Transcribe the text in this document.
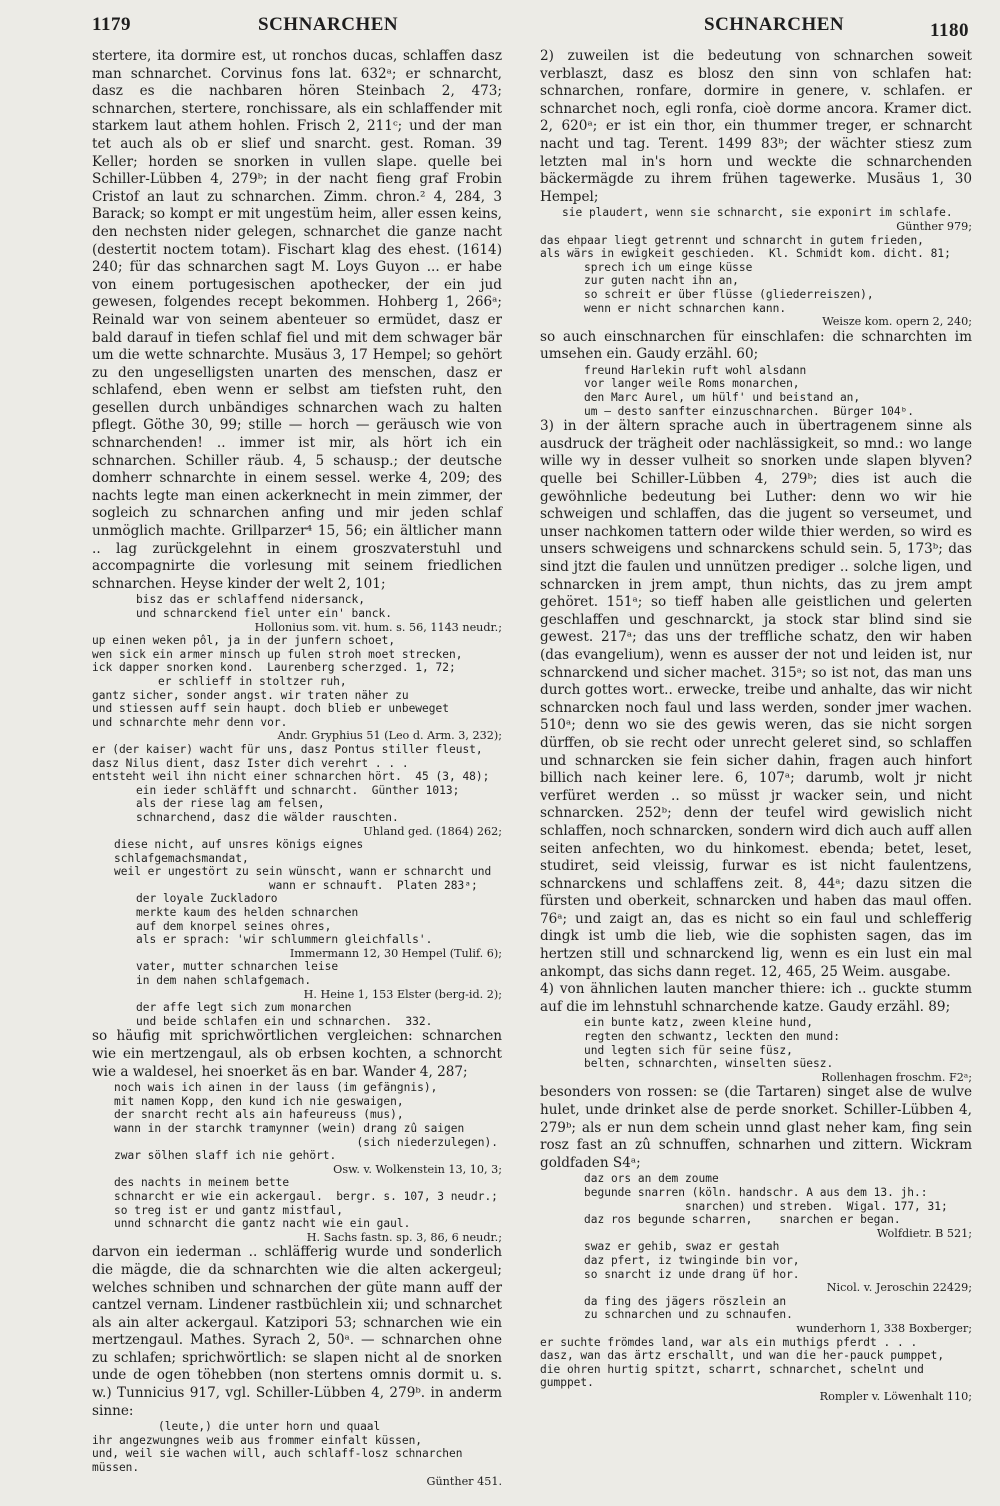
1179	SCHNARCHEN	SCHNARCHEN	1180
stertere, ita dormire est, ut ronchos ducas, schlaffen dasz man schnarchet. Corvinus fons lat. 632ᵃ; er schnarcht, dasz es die nachbaren hören Steinbach 2, 473; schnarchen, stertere, ronchissare, als ein schlaffender mit starkem laut athem hohlen. Frisch 2, 211ᶜ; und der man tet auch als ob er slief und snarcht. gest. Roman. 39 Keller; horden se snorken in vullen slape. quelle bei Schiller-Lübben 4, 279ᵇ; in der nacht fieng graf Frobin Cristof an laut zu schnarchen. Zimm. chron.² 4, 284, 3 Barack; so kompt er mit ungestüm heim, aller essen keins, den nechsten nider gelegen, schnarchet die ganze nacht (destertit noctem totam). Fischart klag des ehest. (1614) 240; für das schnarchen sagt M. Loys Guyon ... er habe von einem portugesischen apothecker, der ein jud gewesen, folgendes recept bekommen. Hohberg 1, 266ᵃ; Reinald war von seinem abenteuer so ermüdet, dasz er bald darauf in tiefen schlaf fiel und mit dem schwager bär um die wette schnarchte. Musäus 3, 17 Hempel; so gehört zu den ungeselligsten unarten des menschen, dasz er schlafend, eben wenn er selbst am tiefsten ruht, den gesellen durch unbändiges schnarchen wach zu halten pflegt. Göthe 30, 99; stille — horch — geräusch wie von schnarchenden! .. immer ist mir, als hört ich ein schnarchen. Schiller räub. 4, 5 schausp.; der deutsche domherr schnarchte in einem sessel. werke 4, 209; des nachts legte man einen ackerknecht in mein zimmer, der sogleich zu schnarchen anfing und mir jeden schlaf unmöglich machte. Grillparzer⁴ 15, 56; ein ältlicher mann .. lag zurückgelehnt in einem groszvaterstuhl und accompagnirte die vorlesung mit seinem friedlichen schnarchen. Heyse kinder der welt 2, 101;
bisz das er schlaffend nidersanck,
und schnarckend fiel unter ein' banck.
Hollonius som. vit. hum. s. 56, 1143 neudr.;
up einen weken pôl, ja in der junfern schoet,
wen sick ein armer minsch up fulen stroh moet strecken,
ick dapper snorken kond.  Laurenberg scherzged. 1, 72;
er schlieff in stoltzer ruh,
gantz sicher, sonder angst. wir traten näher zu
und stiessen auff sein haupt. doch blieb er unbeweget
und schnarchte mehr denn vor.
Andr. Gryphius 51 (Leo d. Arm. 3, 232);
er (der kaiser) wacht für uns, dasz Pontus stiller fleust,
dasz Nilus dient, dasz Ister dich verehrt . . .
entsteht weil ihn nicht einer schnarchen hört.  45 (3, 48);
ein ieder schläfft und schnarcht.  Günther 1013;
als der riese lag am felsen,
schnarchend, dasz die wälder rauschten.
Uhland ged. (1864) 262;
diese nicht, auf unsres königs eignes schlafgemachsmandat,
weil er ungestört zu sein wünscht, wann er schnarcht und
wann er schnauft.  Platen 283ᵃ;
der loyale Zuckladoro
merkte kaum des helden schnarchen
auf dem knorpel seines ohres,
als er sprach: 'wir schlummern gleichfalls'.
Immermann 12, 30 Hempel (Tulif. 6);
vater, mutter schnarchen leise
in dem nahen schlafgemach.
H. Heine 1, 153 Elster (berg-id. 2);
der affe legt sich zum monarchen
und beide schlafen ein und schnarchen.  332.
so häufig mit sprichwörtlichen vergleichen: schnarchen wie ein mertzengaul, als ob erbsen kochten, a schnorcht wie a waldesel, hei snoerket äs en bar. Wander 4, 287;
noch wais ich ainen in der lauss (im gefängnis),
mit namen Kopp, den kund ich nie geswaigen,
der snarcht recht als ain hafeureuss (mus),
wann in der starchk tramynner (wein) drang zû saigen
(sich niederzulegen).
zwar sölhen slaff ich nie gehört.
Osw. v. Wolkenstein 13, 10, 3;
des nachts in meinem bette
schnarcht er wie ein ackergaul.  bergr. s. 107, 3 neudr.;
so treg ist er und gantz mistfaul,
unnd schnarcht die gantz nacht wie ein gaul.
H. Sachs fastn. sp. 3, 86, 6 neudr.;
darvon ein iederman .. schläfferig wurde und sonderlich die mägde, die da schnarchten wie die alten ackergeul; welches schniben und schnarchen der güte mann auff der cantzel vernam. Lindener rastbüchlein xii; und schnarchet als ain alter ackergaul. Katzipori 53; schnarchen wie ein mertzengaul. Mathes. Syrach 2, 50ᵃ. — schnarchen ohne zu schlafen; sprichwörtlich: se slapen nicht al de snorken unde de ogen töhebben (non stertens omnis dormit u. s. w.) Tunnicius 917, vgl. Schiller-Lübben 4, 279ᵇ. in anderm sinne:
(leute,) die unter horn und quaal
ihr angezwungnes weib aus frommer einfalt küssen,
und, weil sie wachen will, auch schlaff-losz schnarchen müssen.
Günther 451.
2) zuweilen ist die bedeutung von schnarchen soweit verblaszt, dasz es blosz den sinn von schlafen hat: schnarchen, ronfare, dormire in genere, v. schlafen. er schnarchet noch, egli ronfa, cioè dorme ancora. Kramer dict. 2, 620ᵃ; er ist ein thor, ein thummer treger, er schnarcht nacht und tag. Terent. 1499 83ᵇ; der wächter stiesz zum letzten mal in's horn und weckte die schnarchenden bäckermägde zu ihrem frühen tagewerke. Musäus 1, 30 Hempel;
sie plaudert, wenn sie schnarcht, sie exponirt im schlafe.
Günther 979;
das ehpaar liegt getrennt und schnarcht in gutem frieden,
als wärs in ewigkeit geschieden.  Kl. Schmidt kom. dicht. 81;
sprech ich um einge küsse
zur guten nacht ihn an,
so schreit er über flüsse (gliederreiszen),
wenn er nicht schnarchen kann.
Weisze kom. opern 2, 240;
so auch einschnarchen für einschlafen: die schnarchten im umsehen ein. Gaudy erzähl. 60;
freund Harlekin ruft wohl alsdann
vor langer weile Roms monarchen,
den Marc Aurel, um hülf' und beistand an,
um — desto sanfter einzuschnarchen.  Bürger 104ᵇ.
3) in der ältern sprache auch in übertragenem sinne als ausdruck der trägheit oder nachlässigkeit, so mnd.: wo lange wille wy in desser vulheit so snorken unde slapen blyven? quelle bei Schiller-Lübben 4, 279ᵇ; dies ist auch die gewöhnliche bedeutung bei Luther: denn wo wir hie schweigen und schlaffen, das die jugent so verseumet, und unser nachkomen tattern oder wilde thier werden, so wird es unsers schweigens und schnarckens schuld sein. 5, 173ᵇ; das sind jtzt die faulen und unnützen prediger .. solche ligen, und schnarcken in jrem ampt, thun nichts, das zu jrem ampt gehöret. 151ᵃ; so tieff haben alle geistlichen und gelerten geschlaffen und geschnarckt, ja stock star blind sind sie gewest. 217ᵃ; das uns der treffliche schatz, den wir haben (das evangelium), wenn es ausser der not und leiden ist, nur schnarckend und sicher machet. 315ᵃ; so ist not, das man uns durch gottes wort.. erwecke, treibe und anhalte, das wir nicht schnarcken noch faul und lass werden, sonder jmer wachen. 510ᵃ; denn wo sie des gewis weren, das sie nicht sorgen dürffen, ob sie recht oder unrecht geleret sind, so schlaffen und schnarcken sie fein sicher dahin, fragen auch hinfort billich nach keiner lere. 6, 107ᵃ; darumb, wolt jr nicht verfüret werden .. so müsst jr wacker sein, und nicht schnarcken. 252ᵇ; denn der teufel wird gewislich nicht schlaffen, noch schnarcken, sondern wird dich auch auff allen seiten anfechten, wo du hinkomest. ebenda; betet, leset, studiret, seid vleissig, furwar es ist nicht faulentzens, schnarckens und schlaffens zeit. 8, 44ᵃ; dazu sitzen die fürsten und oberkeit, schnarcken und haben das maul offen. 76ᵃ; und zaigt an, das es nicht so ein faul und schlefferig dingk ist umb die lieb, wie die sophisten sagen, das im hertzen still und schnarckend lig, wenn es ein lust ein mal ankompt, das sichs dann reget. 12, 465, 25 Weim. ausgabe.
4) von ähnlichen lauten mancher thiere: ich .. guckte stumm auf die im lehnstuhl schnarchende katze. Gaudy erzähl. 89;
ein bunte katz, zween kleine hund,
regten den schwantz, leckten den mund:
und legten sich für seine füsz,
belten, schnarchten, winselten süesz.
Rollenhagen froschm. F2ᵃ;
besonders von rossen: se (die Tartaren) singet alse de wulve hulet, unde drinket alse de perde snorket. Schiller-Lübben 4, 279ᵇ; als er nun dem schein unnd glast neher kam, fing sein rosz fast an zû schnuffen, schnarhen und zittern. Wickram goldfaden S4ᵃ;
daz ors an dem zoume
begunde snarren (köln. handschr. A aus dem 13. jh.:
snarchen) und streben.  Wigal. 177, 31;
daz ros begunde scharren,    snarchen er began.
Wolfdietr. B 521;
swaz er gehib, swaz er gestah
daz pfert, iz twinginde bin vor,
so snarcht iz unde drang üf hor.
Nicol. v. Jeroschin 22429;
da fing des jägers röszlein an
zu schnarchen und zu schnaufen.
wunderhorn 1, 338 Boxberger;
er suchte frömdes land, war als ein muthigs pferdt . . .
dasz, wan das ärtz erschallt, und wan die her-pauck pumppet,
die ohren hurtig spitzt, scharrt, schnarchet, schelnt und gumppet.
Rompler v. Löwenhalt 110;
